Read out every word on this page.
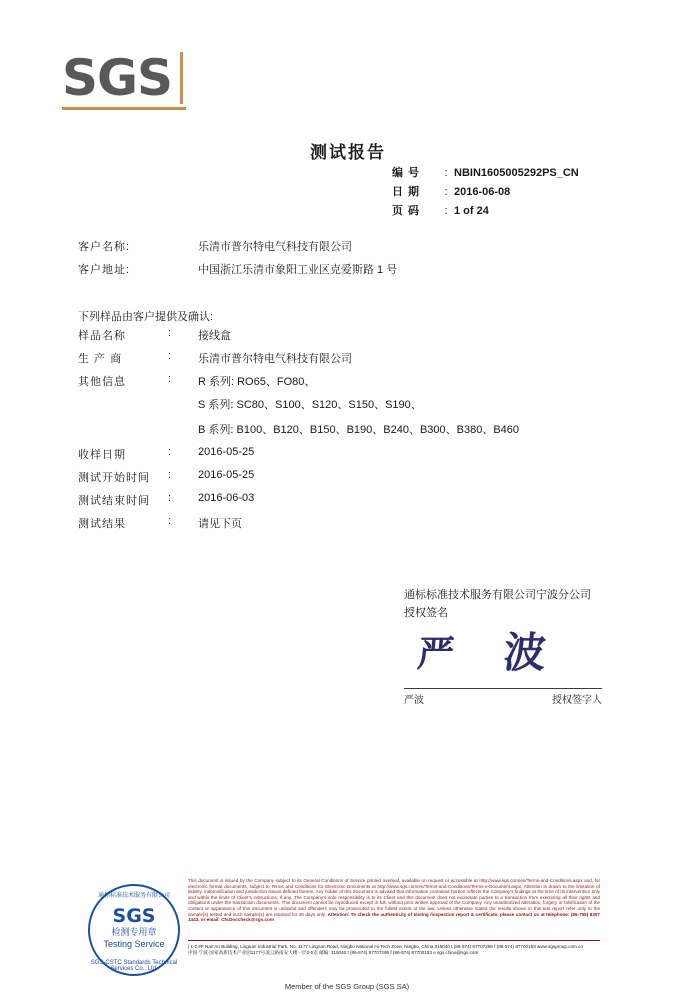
SGS
测试报告
编号	: NBIN1605005292PS_CN
日期	: 2016-06-08
页码	: 1 of 24
客户名称:	乐清市普尔特电气科技有限公司
客户地址:	中国浙江乐清市象阳工业区克爱斯路 1 号
下列样品由客户提供及确认:
样品名称	:	接线盒
生 产 商	:	乐清市普尔特电气科技有限公司
其他信息	:	R 系列: RO65、FO80、
S 系列: SC80、S100、S120、S150、S190、
B 系列: B100、B120、B150、B190、B240、B300、B380、B460
收样日期	:	2016-05-25
测试开始时间	:	2016-05-25
测试结束时间	:	2016-06-03
测试结果	:	请见下页
通标标准技术服务有限公司宁波分公司
授权签名
严 波
严波	授权签字人
通标标准技术服务有限公司
SGS
检测专用章
Testing Service
SGS-CSTC Standards Technical Services Co., Ltd.
This document is issued by the Company subject to its General Conditions of Service printed overleaf, available on request or accessible at http://www.sgs.com/en/Terms-and-Conditions.aspx and, for electronic format documents, subject to Terms and Conditions for Electronic Documents at http://www.sgs.com/en/Terms-and-Conditions/Terms-e-Document.aspx. Attention is drawn to the limitation of liability, indemnification and jurisdiction issues defined therein. Any holder of this document is advised that information contained hereon reflects the Company's findings at the time of its intervention only and within the limits of Client's instructions, if any. The Company's sole responsibility is to its Client and this document does not exonerate parties to a transaction from exercising all their rights and obligations under the transaction documents. This document cannot be reproduced except in full, without prior written approval of the Company. Any unauthorized alteration, forgery or falsification of the content or appearance of this document is unlawful and offenders may be prosecuted to the fullest extent of the law. Unless otherwise stated the results shown in this test report refer only to the sample(s) tested and such sample(s) are retained for 30 days only. Attention: To check the authenticity of testing /inspection report & certificate, please contact us at telephone: (86-755) 8307 1443, or email: CN.Doccheck@sgs.com
| 1-2,#F Nan'An Building, Lingnan Industrial Park, No. 1177 Lingnan Road, Ningbo National Hi-Tech Zone, Ningbo, China 315040 t (86-574) 87707296 f (86-574) 87700153 www.sgsgroup.com.cn
中国·宁波·国家高新技术产业园1177号凌云路南安大楼一层2-5室 邮编: 315040 t (86-574) 87707296 f (86-574) 87700153 e sgs.china@sgs.com
Member of the SGS Group (SGS SA)
